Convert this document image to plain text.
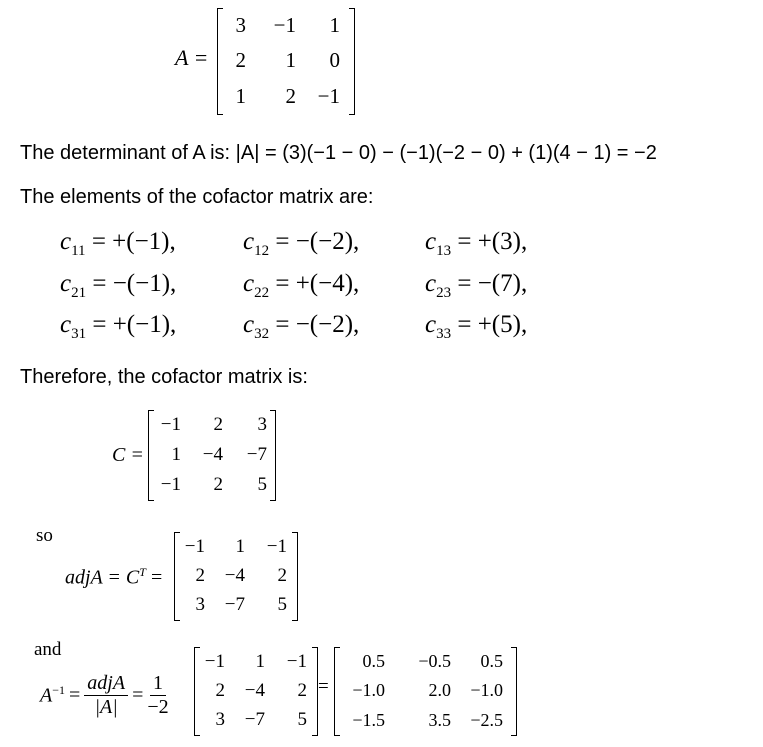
A =
3	−1	1
2	1	0
1	2	−1
The determinant of A is: |A| = (3)(−1 − 0) − (−1)(−2 − 0) + (1)(4 − 1) = −2
The elements of the cofactor matrix are:
$c_{11} = +(-1)$,	$c_{12} = -(-2)$,	$c_{13} = +(3)$,
$c_{21} = -(-1)$,	$c_{22} = +(-4)$,	$c_{23} = -(7)$,
$c_{31} = +(-1)$,	$c_{32} = -(-2)$,	$c_{33} = +(5)$,
Therefore, the cofactor matrix is:
C =
−1	2	3
1	−4	−7
−1	2	5
so
adjA = $C^T$ =
−1	1	−1
2	−4	2
3	−7	5
and
$A^{-1} = \frac{\text{adjA}}{|A|} = \frac{1}{-2}$
−1	1	−1
2	−4	2
3	−7	5
=
0.5	−0.5	0.5
−1.0	2.0	−1.0
−1.5	3.5	−2.5
